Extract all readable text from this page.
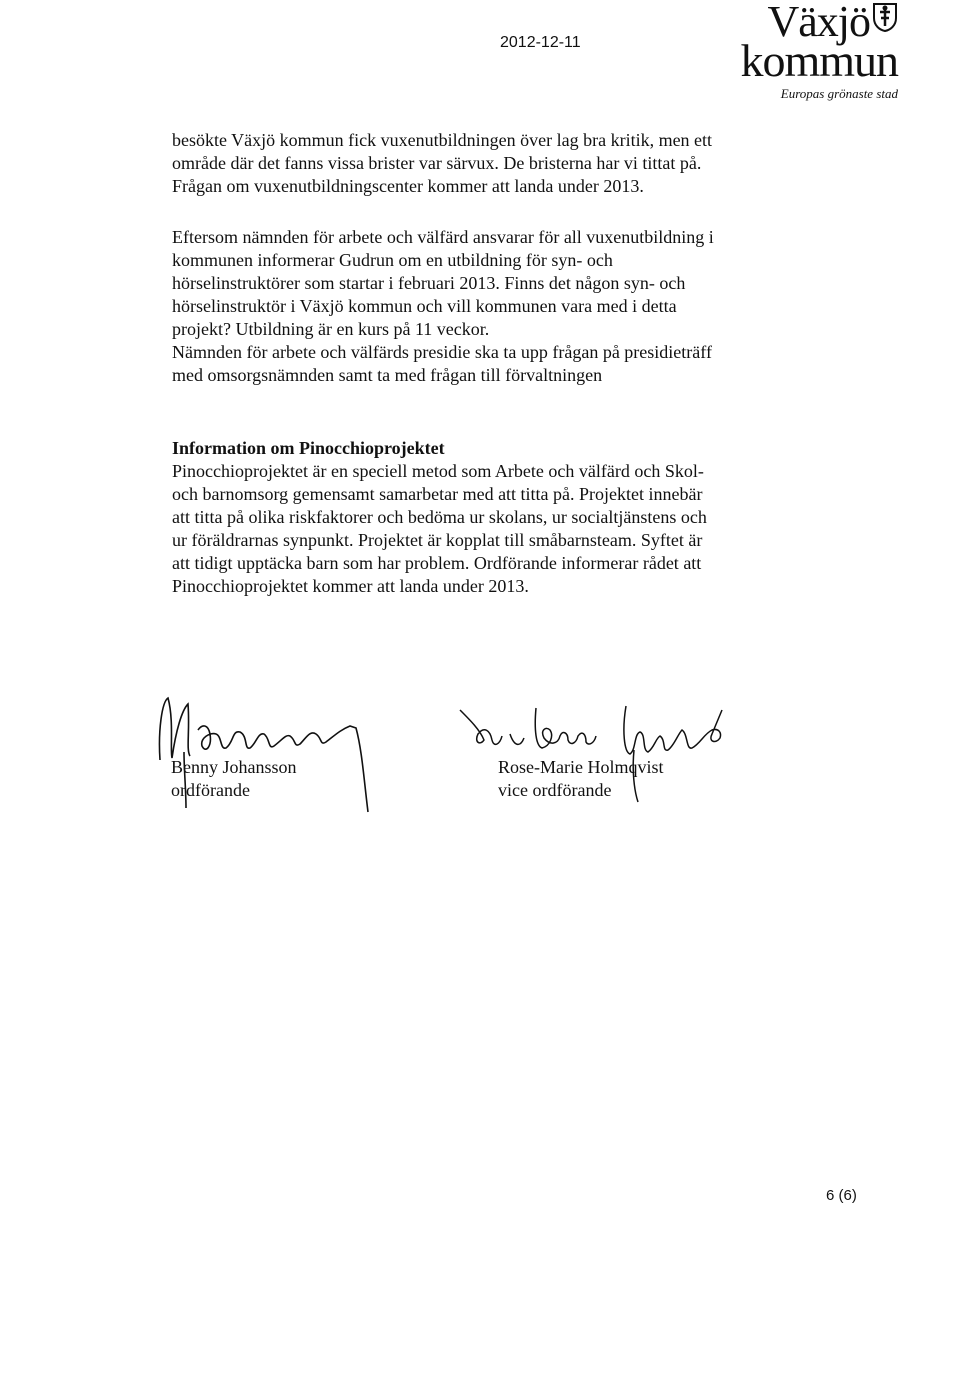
2012-12-11	Växjö
kommun
Europas grönaste stad

besökte Växjö kommun fick vuxenutbildningen över lag bra kritik, men ett

område där det fanns vissa brister var särvux. De bristerna har vi tittat på.

Frågan om vuxenutbildningscenter kommer att landa under 2013.

Eftersom nämnden för arbete och välfärd ansvarar för all vuxenutbildning i

kommunen informerar Gudrun om en utbildning för syn- och

hörselinstruktörer som startar i februari 2013. Finns det någon syn- och

hörselinstruktör i Växjö kommun och vill kommunen vara med i detta

projekt? Utbildning är en kurs på 11 veckor.

Nämnden för arbete och välfärds presidie ska ta upp frågan på presidieträff

med omsorgsnämnden samt ta med frågan till förvaltningen

Information om Pinocchioprojektet

Pinocchioprojektet är en speciell metod som Arbete och välfärd och Skol-

och barnomsorg gemensamt samarbetar med att titta på. Projektet innebär

att titta på olika riskfaktorer och bedöma ur skolans, ur socialtjänstens och

ur föräldrarnas synpunkt. Projektet är kopplat till småbarnsteam. Syftet är

att tidigt upptäcka barn som har problem. Ordförande informerar rådet att

Pinocchioprojektet kommer att landa under 2013.

Benny Johansson
ordförande
Rose-Marie Holmqvist
vice ordförande
6 (6)
